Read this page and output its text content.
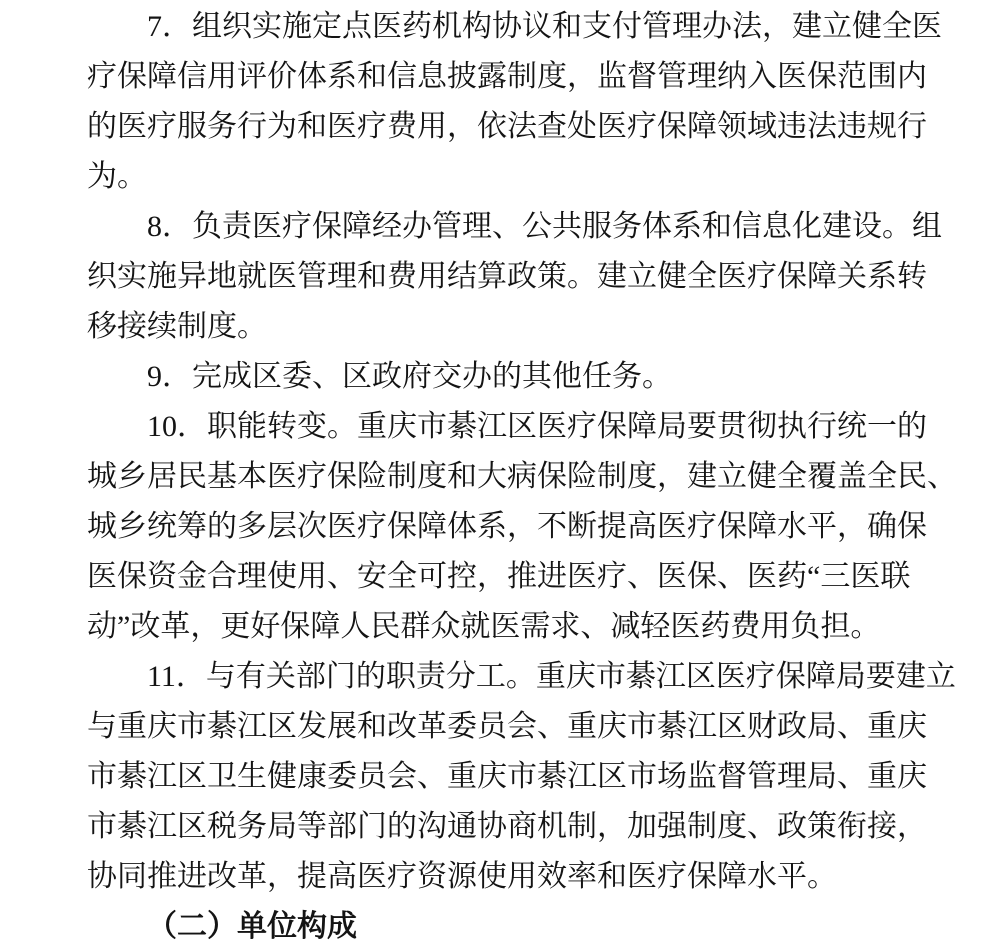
7．组织实施定点医药机构协议和支付管理办法，建立健全医
疗保障信用评价体系和信息披露制度，监督管理纳入医保范围内
的医疗服务行为和医疗费用，依法查处医疗保障领域违法违规行
为。
8．负责医疗保障经办管理、公共服务体系和信息化建设。组
织实施异地就医管理和费用结算政策。建立健全医疗保障关系转
移接续制度。
9．完成区委、区政府交办的其他任务。
10．职能转变。重庆市綦江区医疗保障局要贯彻执行统一的
城乡居民基本医疗保险制度和大病保险制度，建立健全覆盖全民、
城乡统筹的多层次医疗保障体系，不断提高医疗保障水平，确保
医保资金合理使用、安全可控，推进医疗、医保、医药“三医联
动”改革，更好保障人民群众就医需求、减轻医药费用负担。
11．与有关部门的职责分工。重庆市綦江区医疗保障局要建立
与重庆市綦江区发展和改革委员会、重庆市綦江区财政局、重庆
市綦江区卫生健康委员会、重庆市綦江区市场监督管理局、重庆
市綦江区税务局等部门的沟通协商机制，加强制度、政策衔接，
协同推进改革，提高医疗资源使用效率和医疗保障水平。
（二）单位构成
